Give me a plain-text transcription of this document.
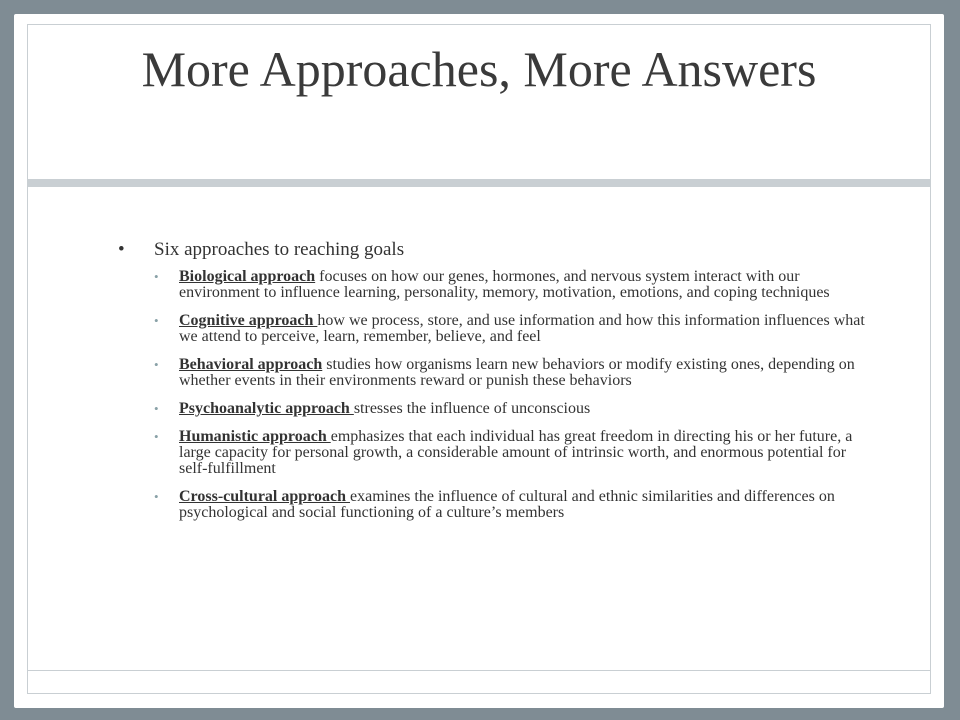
More Approaches, More Answers
• Six approaches to reaching goals
• Biological approach focuses on how our genes, hormones, and nervous system interact with our environment to influence learning, personality, memory, motivation, emotions, and coping techniques
• Cognitive approach how we process, store, and use information and how this information influences what we attend to perceive, learn, remember, believe, and feel
• Behavioral approach studies how organisms learn new behaviors or modify existing ones, depending on whether events in their environments reward or punish these behaviors
• Psychoanalytic approach stresses the influence of unconscious
• Humanistic approach emphasizes that each individual has great freedom in directing his or her future, a large capacity for personal growth, a considerable amount of intrinsic worth, and enormous potential for self-fulfillment
• Cross-cultural approach examines the influence of cultural and ethnic similarities and differences on psychological and social functioning of a culture’s members
